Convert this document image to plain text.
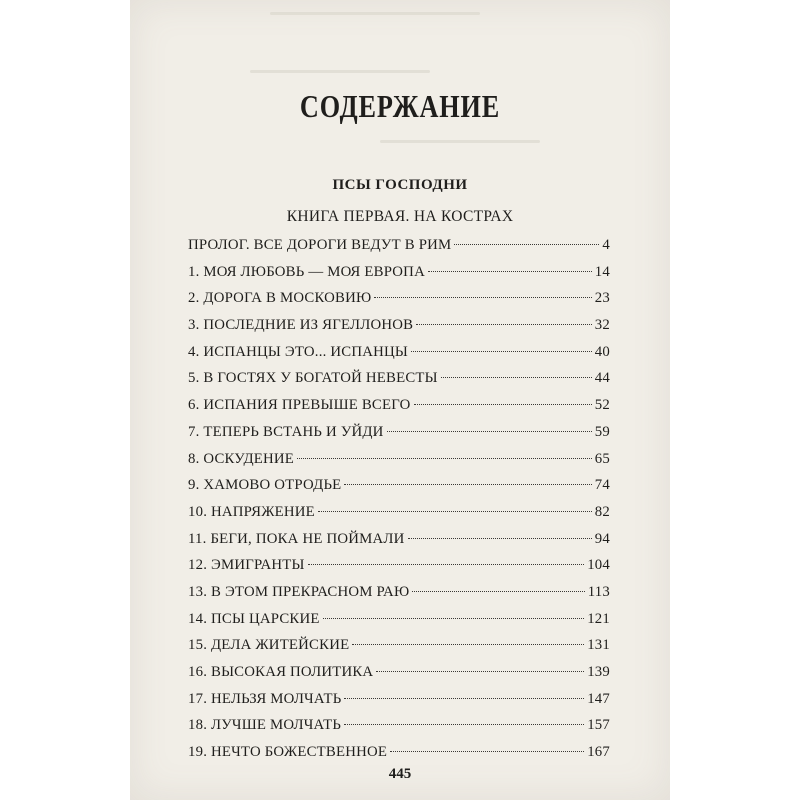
СОДЕРЖАНИЕ
ПСЫ ГОСПОДНИ
КНИГА ПЕРВАЯ. НА КОСТРАХ
ПРОЛОГ. ВСЕ ДОРОГИ ВЕДУТ В РИМ	4
1. МОЯ ЛЮБОВЬ — МОЯ ЕВРОПА	14
2. ДОРОГА В МОСКОВИЮ	23
3. ПОСЛЕДНИЕ ИЗ ЯГЕЛЛОНОВ	32
4. ИСПАНЦЫ ЭТО... ИСПАНЦЫ	40
5. В ГОСТЯХ У БОГАТОЙ НЕВЕСТЫ	44
6. ИСПАНИЯ ПРЕВЫШЕ ВСЕГО	52
7. ТЕПЕРЬ ВСТАНЬ И УЙДИ	59
8. ОСКУДЕНИЕ	65
9. ХАМОВО ОТРОДЬЕ	74
10. НАПРЯЖЕНИЕ	82
11. БЕГИ, ПОКА НЕ ПОЙМАЛИ	94
12. ЭМИГРАНТЫ	104
13. В ЭТОМ ПРЕКРАСНОМ РАЮ	113
14. ПСЫ ЦАРСКИЕ	121
15. ДЕЛА ЖИТЕЙСКИЕ	131
16. ВЫСОКАЯ ПОЛИТИКА	139
17. НЕЛЬЗЯ МОЛЧАТЬ	147
18. ЛУЧШЕ МОЛЧАТЬ	157
19. НЕЧТО БОЖЕСТВЕННОЕ	167
445
